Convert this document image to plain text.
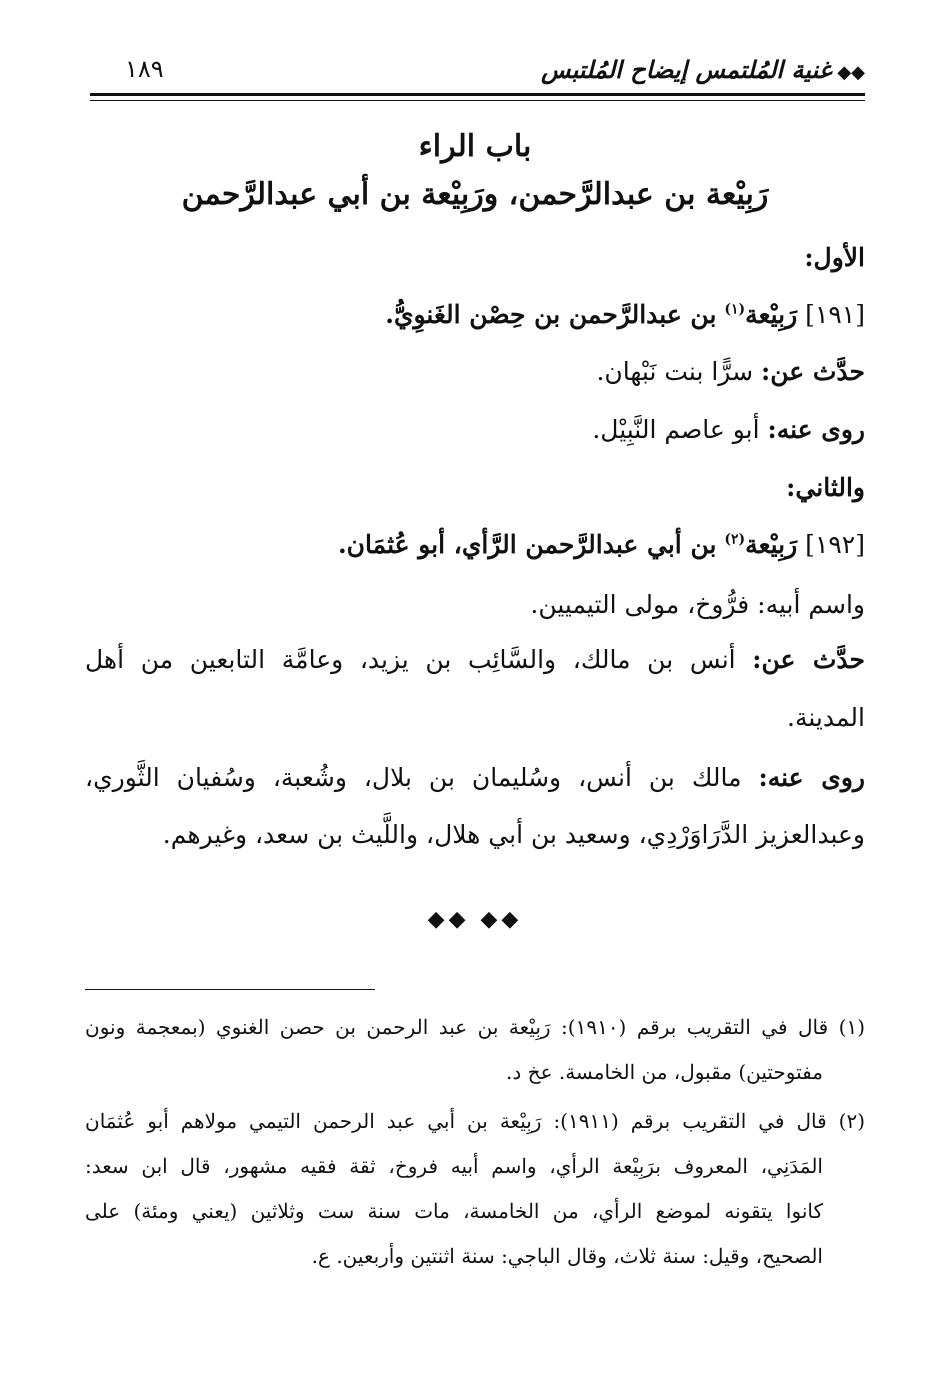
◆◆غنية المُلتمس إيضاح المُلتبس
١٨٩
باب الراء
رَبِيْعة بن عبدالرَّحمن، ورَبِيْعة بن أبي عبدالرَّحمن
الأول:
[١٩١] رَبِيْعة$^{(١)}$ بن عبدالرَّحمن بن حِصْن الغَنوِيُّ.
حدَّث عن: سرًّا بنت نَبْهان.
روى عنه: أبو عاصم النَّبِيْل.
والثاني:
[١٩٢] رَبِيْعة$^{(٢)}$ بن أبي عبدالرَّحمن الرَّأي، أبو عُثمَان.
واسم أبيه: فرُّوخ، مولى التيميين.
حدَّث عن: أنس بن مالك، والسَّائِب بن يزيد، وعامَّة التابعين من أهل
المدينة.
روى عنه: مالك بن أنس، وسُليمان بن بلال، وشُعبة، وسُفيان الثَّوري،
وعبدالعزيز الدَّرَاوَرْدِي، وسعيد بن أبي هلال، واللَّيث بن سعد، وغيرهم.
◆◆ ◆◆
(١) قال في التقريب برقم (١٩١٠): رَبِيْعة بن عبد الرحمن بن حصن الغنوي (بمعجمة ونون
مفتوحتين) مقبول، من الخامسة. عخ د.
(٢) قال في التقريب برقم (١٩١١): رَبِيْعة بن أبي عبد الرحمن التيمي مولاهم أبو عُثمَان
المَدَنِي، المعروف برَبِيْعة الرأي، واسم أبيه فروخ، ثقة فقيه مشهور، قال ابن سعد:
كانوا يتقونه لموضع الرأي، من الخامسة، مات سنة ست وثلاثين (يعني ومئة) على
الصحيح، وقيل: سنة ثلاث، وقال الباجي: سنة اثنتين وأربعين. ع.
